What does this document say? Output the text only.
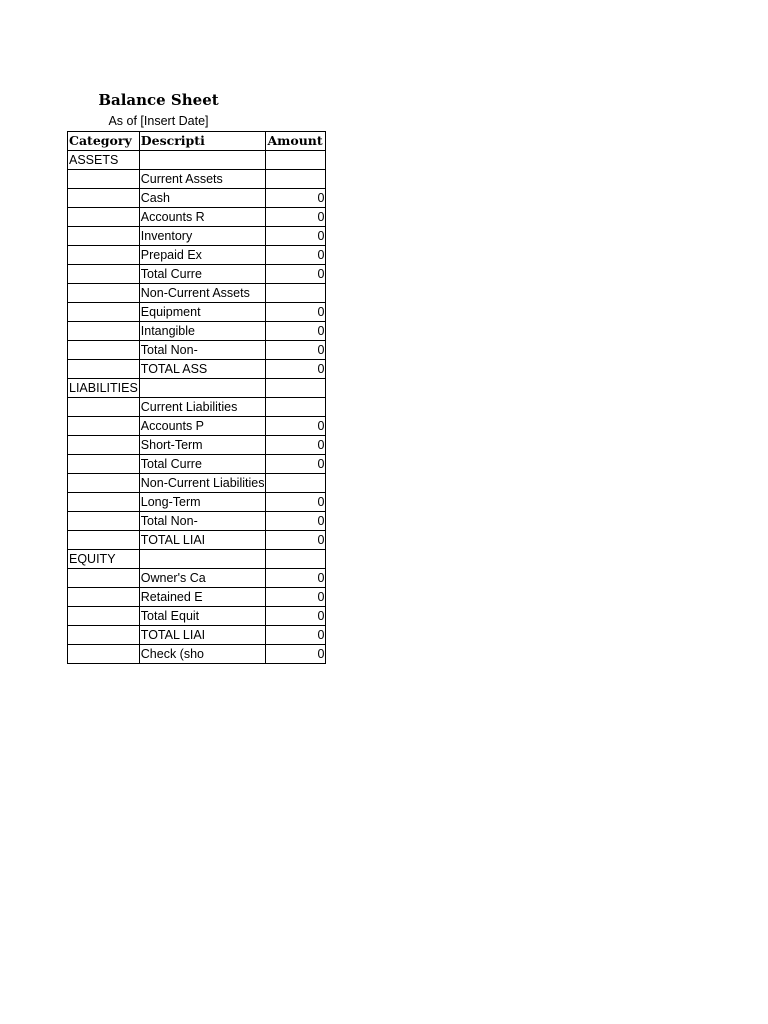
Balance Sheet
As of [Insert Date]
Category	Descripti	Amount
ASSETS		
	Current Assets	
	Cash	0
	Accounts R	0
	Inventory	0
	Prepaid Ex	0
	Total Curre	0
	Non-Current Assets	
	Equipment	0
	Intangible	0
	Total Non-	0
	TOTAL ASS	0
LIABILITIES		
	Current Liabilities	
	Accounts P	0
	Short-Term	0
	Total Curre	0
	Non-Current Liabilities	
	Long-Term	0
	Total Non-	0
	TOTAL LIAI	0
EQUITY		
	Owner's Ca	0
	Retained E	0
	Total Equit	0
	TOTAL LIAI	0
	Check (sho	0
